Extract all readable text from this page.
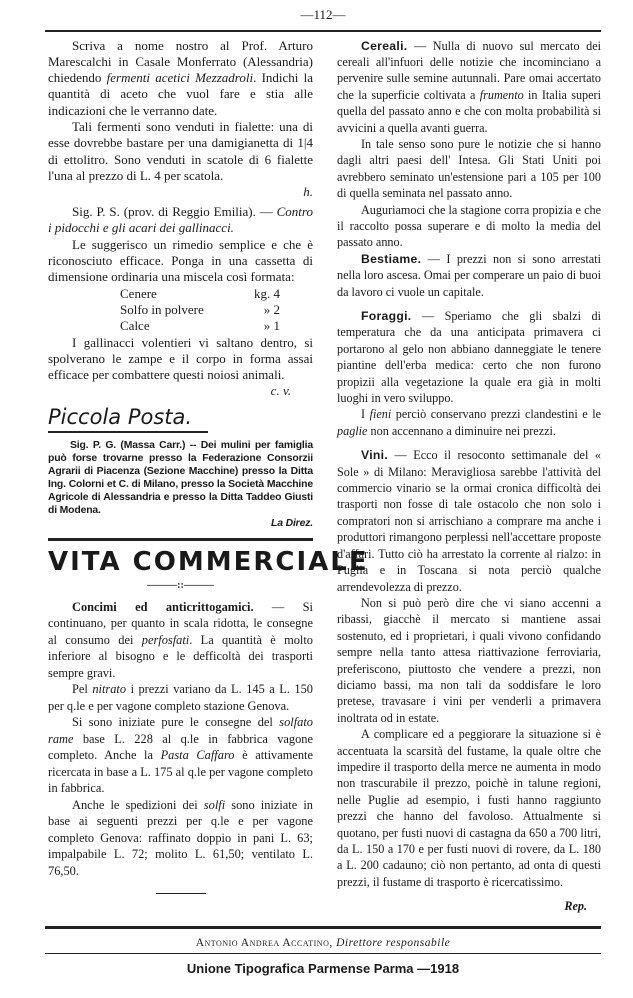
—112—

Scriva a nome nostro al Prof. Arturo Marescalchi in Casale Monferrato (Alessandria) chiedendo fermenti acetici Mezzadroli. Indichi la quantità di aceto che vuol fare e stia alle indicazioni che le verranno date.

Tali fermenti sono venduti in fialette: una di esse dovrebbe bastare per una damigianetta di 1|4 di ettolitro. Sono venduti in scatole di 6 fialette l'una al prezzo di L. 4 per scatola.

h.

Sig. P. S. (prov. di Reggio Emilia). — Contro i pidocchi e gli acari dei gallinacci.

Le suggerisco un rimedio semplice e che è riconosciuto efficace. Ponga in una cassetta di dimensione ordinaria una miscela così formata:

Cenere	kg. 4
Solfo in polvere	» 2
Calce	» 1

I gallinacci volentieri vi saltano dentro, si spolverano le zampe e il corpo in forma assai efficace per combattere questi noiosi animali.

c. v.
Piccola Posta.

Sig. P. G. (Massa Carr.) -- Dei mulini per famiglia può forse trovarne presso la Federazione Consorzii Agrarii di Piacenza (Sezione Macchine) presso la Ditta Ing. Colorni et C. di Milano, presso la Società Macchine Agricole di Alessandria e presso la Ditta Taddeo Giusti di Modena.

La Direz.
VITA COMMERCIALE
———::———

Concimi ed anticrittogamici. — Si continuano, per quanto in scala ridotta, le consegne al consumo dei perfosfati. La quantità è molto inferiore al bisogno e le defficoltà dei trasporti sempre gravi.

Pel nitrato i prezzi variano da L. 145 a L. 150 per q.le e per vagone completo stazione Genova.

Si sono iniziate pure le consegne del solfato rame base L. 228 al q.le in fabbrica vagone completo. Anche la Pasta Caffaro è attivamente ricercata in base a L. 175 al q.le per vagone completo in fabbrica.

Anche le spedizioni dei solfi sono iniziate in base ai seguenti prezzi per q.le e per vagone completo Genova: raffinato doppio in pani L. 63; impalpabile L. 72; molito L. 61,50; ventilato L. 76,50.

Cereali. — Nulla di nuovo sul mercato dei cereali all'infuori delle notizie che incominciano a pervenire sulle semine autunnali. Pare omai accertato che la superficie coltivata a frumento in Italia superi quella del passato anno e che con molta probabilità si avvicini a quella avanti guerra.

In tale senso sono pure le notizie che si hanno dagli altri paesi dell' Intesa. Gli Stati Uniti poi avrebbero seminato un'estensione pari a 105 per 100 di quella seminata nel passato anno.

Auguriamoci che la stagione corra propizia e che il raccolto possa superare e di molto la media del passato anno.

Bestiame. — I prezzi non si sono arrestati nella loro ascesa. Omai per comperare un paio di buoi da lavoro ci vuole un capitale.

Foraggi. — Speriamo che gli sbalzi di temperatura che da una anticipata primavera ci portarono al gelo non abbiano danneggiate le tenere piantine dell'erba medica: certo che non furono propizii alla vegetazione la quale era già in molti luoghi in vero sviluppo.

I fieni perciò conservano prezzi clandestini e le paglie non accennano a diminuire nei prezzi.

Vini. — Ecco il resoconto settimanale del « Sole » di Milano: Meravigliosa sarebbe l'attività del commercio vinario se la ormai cronica difficoltà dei trasporti non fosse di tale ostacolo che non solo i compratori non si arrischiano a comprare ma anche i produttori rimangono perplessi nell'accettare proposte d'affari. Tutto ciò ha arrestato la corrente al rialzo: in Puglia e in Toscana si nota perciò qualche arrendevolezza di prezzo.

Non si può però dire che vi siano accenni a ribassi, giacchè il mercato si mantiene assai sostenuto, ed i proprietari, i quali vivono confidando sempre nella tanto attesa riattivazione ferroviaria, preferiscono, piuttosto che vendere a prezzi, non diciamo bassi, ma non tali da soddisfare le loro pretese, travasare i vini per venderli a primavera inoltrata od in estate.

A complicare ed a peggiorare la situazione si è accentuata la scarsità del fustame, la quale oltre che impedire il trasporto della merce ne aumenta in modo non trascurabile il prezzo, poichè in talune regioni, nelle Puglie ad esempio, i fusti hanno raggiunto prezzi che hanno del favoloso. Attualmente si quotano, per fusti nuovi di castagna da 650 a 700 litri, da L. 150 a 170 e per fusti nuovi di rovere, da L. 180 a L. 200 cadauno; ciò non pertanto, ad onta di questi prezzi, il fustame di trasporto è ricercatissimo.

Rep.
Antonio Andrea Accatino, Direttore responsabile
Unione Tipografica Parmense Parma —1918
